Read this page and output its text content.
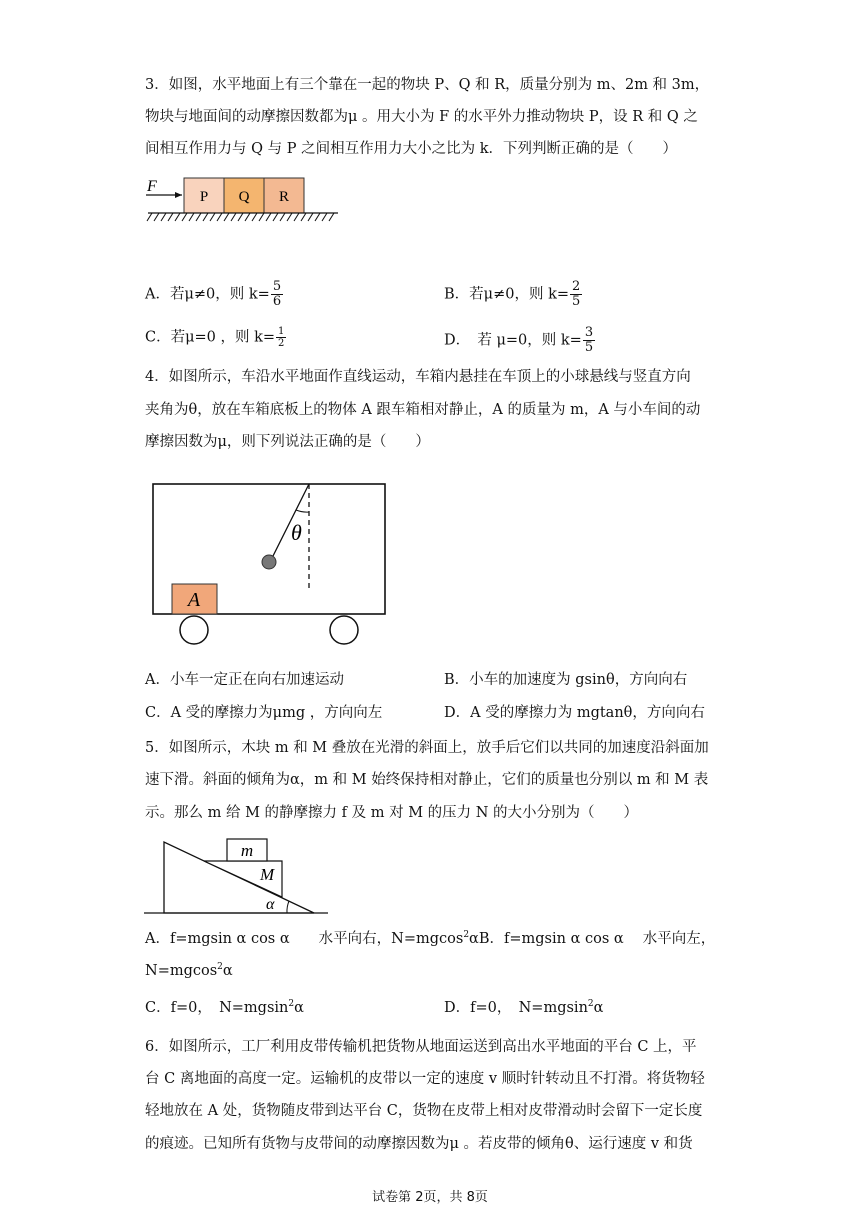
3．如图，水平地面上有三个靠在一起的物块 P、Q 和 R，质量分别为 m、2m 和 3m，
物块与地面间的动摩擦因数都为μ 。用大小为 F 的水平外力推动物块 P，设 R 和 Q 之
间相互作用力与 Q 与 P 之间相互作用力大小之比为 k．下列判断正确的是（　　）
F
P Q R
A．若μ≠0，则 $k= \frac{5}{6}$	B．若μ≠0，则 $k= \frac{2}{5}$
C．若μ=0 ，则 $k= \frac{1}{2}$	D．　若 μ=0，则 $k= \frac{3}{5}$
4．如图所示，车沿水平地面作直线运动，车箱内悬挂在车顶上的小球悬线与竖直方向
夹角为θ，放在车箱底板上的物体 A 跟车箱相对静止，A 的质量为 m，A 与小车间的动
摩擦因数为μ，则下列说法正确的是（　　）
θ
A
A．小车一定正在向右加速运动	B．小车的加速度为 gsinθ，方向向右
C．A 受的摩擦力为μmg ，方向向左	D．A 受的摩擦力为 mgtanθ，方向向右
5．如图所示，木块 m 和 M 叠放在光滑的斜面上，放手后它们以共同的加速度沿斜面加
速下滑。斜面的倾角为α，m 和 M 始终保持相对静止，它们的质量也分别以 m 和 M 表
示。那么 m 给 M 的静摩擦力 f 及 m 对 M 的压力 N 的大小分别为（　　）
m
M
α
A．f=mgsin α cos α　　水平向右，N=mgcos$^2$αB．f=mgsin α cos α　 水平向左，
N=mgcos$^2$α
C．f=0，　N=mgsin$^2$α	D．f=0，　N=mgsin$^2$α
6．如图所示，工厂利用皮带传输机把货物从地面运送到高出水平地面的平台 C 上，平
台 C 离地面的高度一定。运输机的皮带以一定的速度 v 顺时针转动且不打滑。将货物轻
轻地放在 A 处，货物随皮带到达平台 C，货物在皮带上相对皮带滑动时会留下一定长度
的痕迹。已知所有货物与皮带间的动摩擦因数为μ 。若皮带的倾角θ、运行速度 v 和货
试卷第 2页，共 8页
